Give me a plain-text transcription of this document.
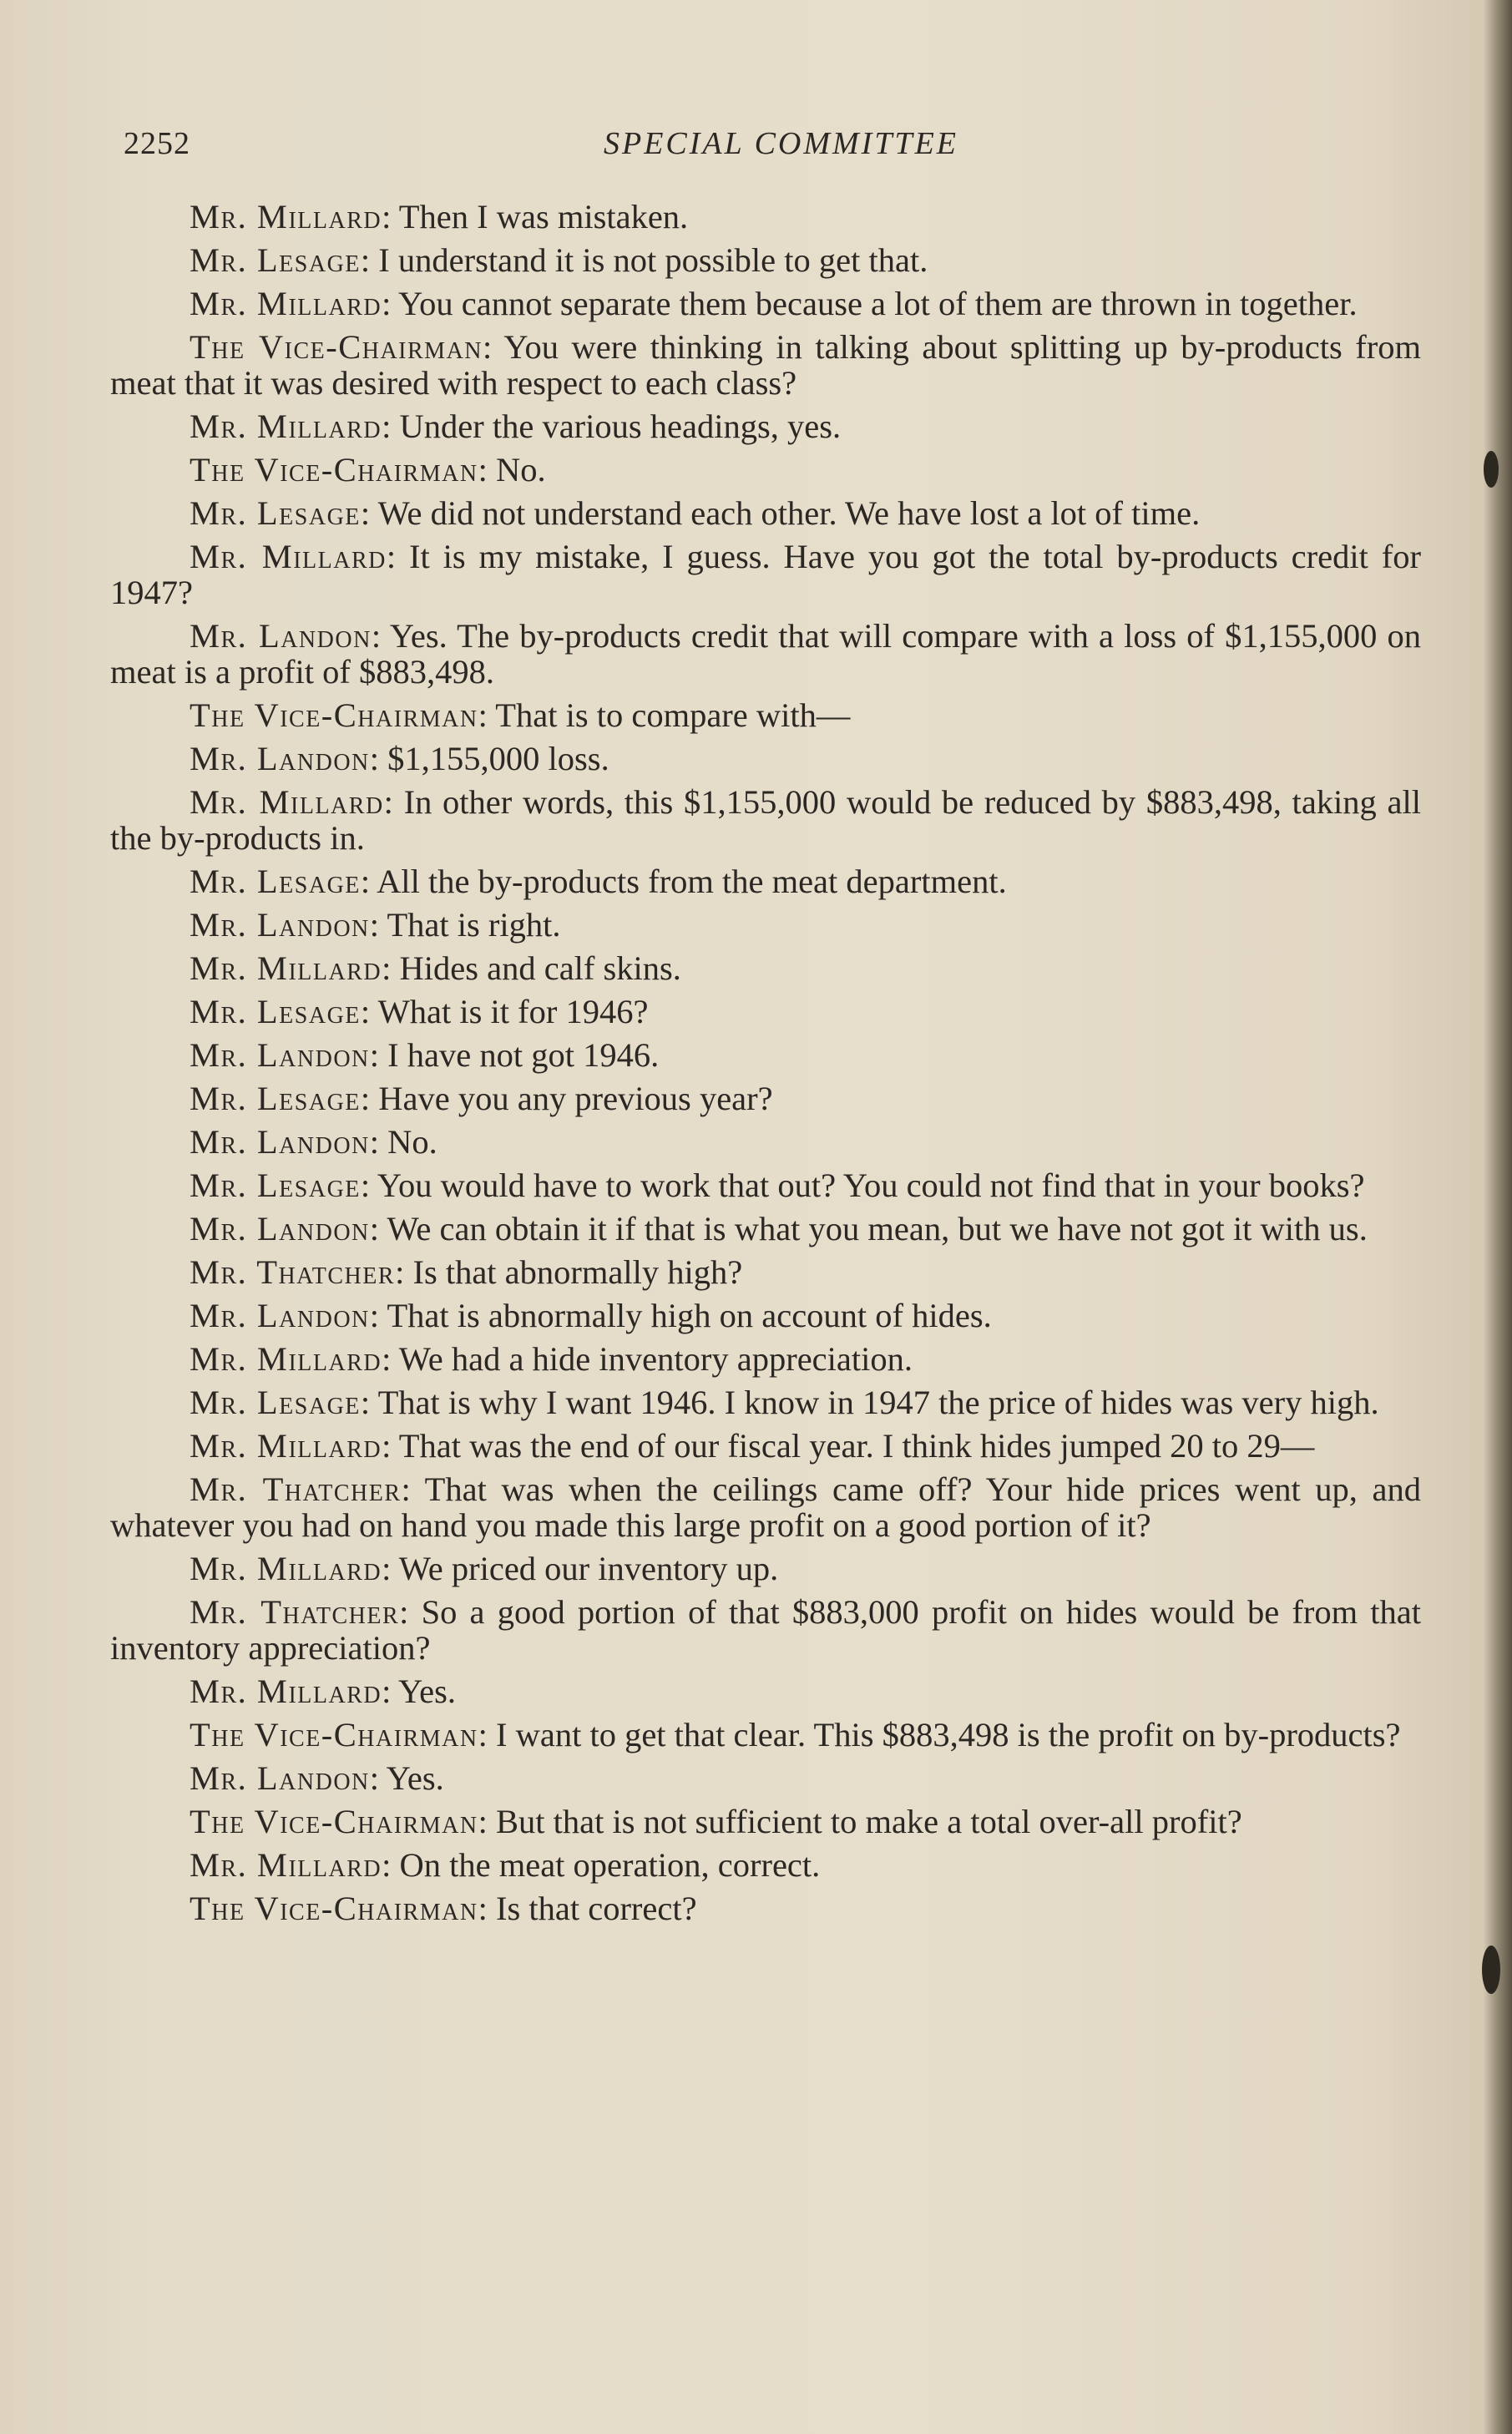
2252	SPECIAL COMMITTEE

Mr. Millard: Then I was mistaken.

Mr. Lesage: I understand it is not possible to get that.

Mr. Millard: You cannot separate them because a lot of them are thrown in together.

The Vice-Chairman: You were thinking in talking about splitting up by-products from meat that it was desired with respect to each class?

Mr. Millard: Under the various headings, yes.

The Vice-Chairman: No.

Mr. Lesage: We did not understand each other. We have lost a lot of time.

Mr. Millard: It is my mistake, I guess. Have you got the total by-products credit for 1947?

Mr. Landon: Yes. The by-products credit that will compare with a loss of $1,155,000 on meat is a profit of $883,498.

The Vice-Chairman: That is to compare with—

Mr. Landon: $1,155,000 loss.

Mr. Millard: In other words, this $1,155,000 would be reduced by $883,498, taking all the by-products in.

Mr. Lesage: All the by-products from the meat department.

Mr. Landon: That is right.

Mr. Millard: Hides and calf skins.

Mr. Lesage: What is it for 1946?

Mr. Landon: I have not got 1946.

Mr. Lesage: Have you any previous year?

Mr. Landon: No.

Mr. Lesage: You would have to work that out? You could not find that in your books?

Mr. Landon: We can obtain it if that is what you mean, but we have not got it with us.

Mr. Thatcher: Is that abnormally high?

Mr. Landon: That is abnormally high on account of hides.

Mr. Millard: We had a hide inventory appreciation.

Mr. Lesage: That is why I want 1946. I know in 1947 the price of hides was very high.

Mr. Millard: That was the end of our fiscal year. I think hides jumped 20 to 29—

Mr. Thatcher: That was when the ceilings came off? Your hide prices went up, and whatever you had on hand you made this large profit on a good portion of it?

Mr. Millard: We priced our inventory up.

Mr. Thatcher: So a good portion of that $883,000 profit on hides would be from that inventory appreciation?

Mr. Millard: Yes.

The Vice-Chairman: I want to get that clear. This $883,498 is the profit on by-products?

Mr. Landon: Yes.

The Vice-Chairman: But that is not sufficient to make a total over-all profit?

Mr. Millard: On the meat operation, correct.

The Vice-Chairman: Is that correct?
